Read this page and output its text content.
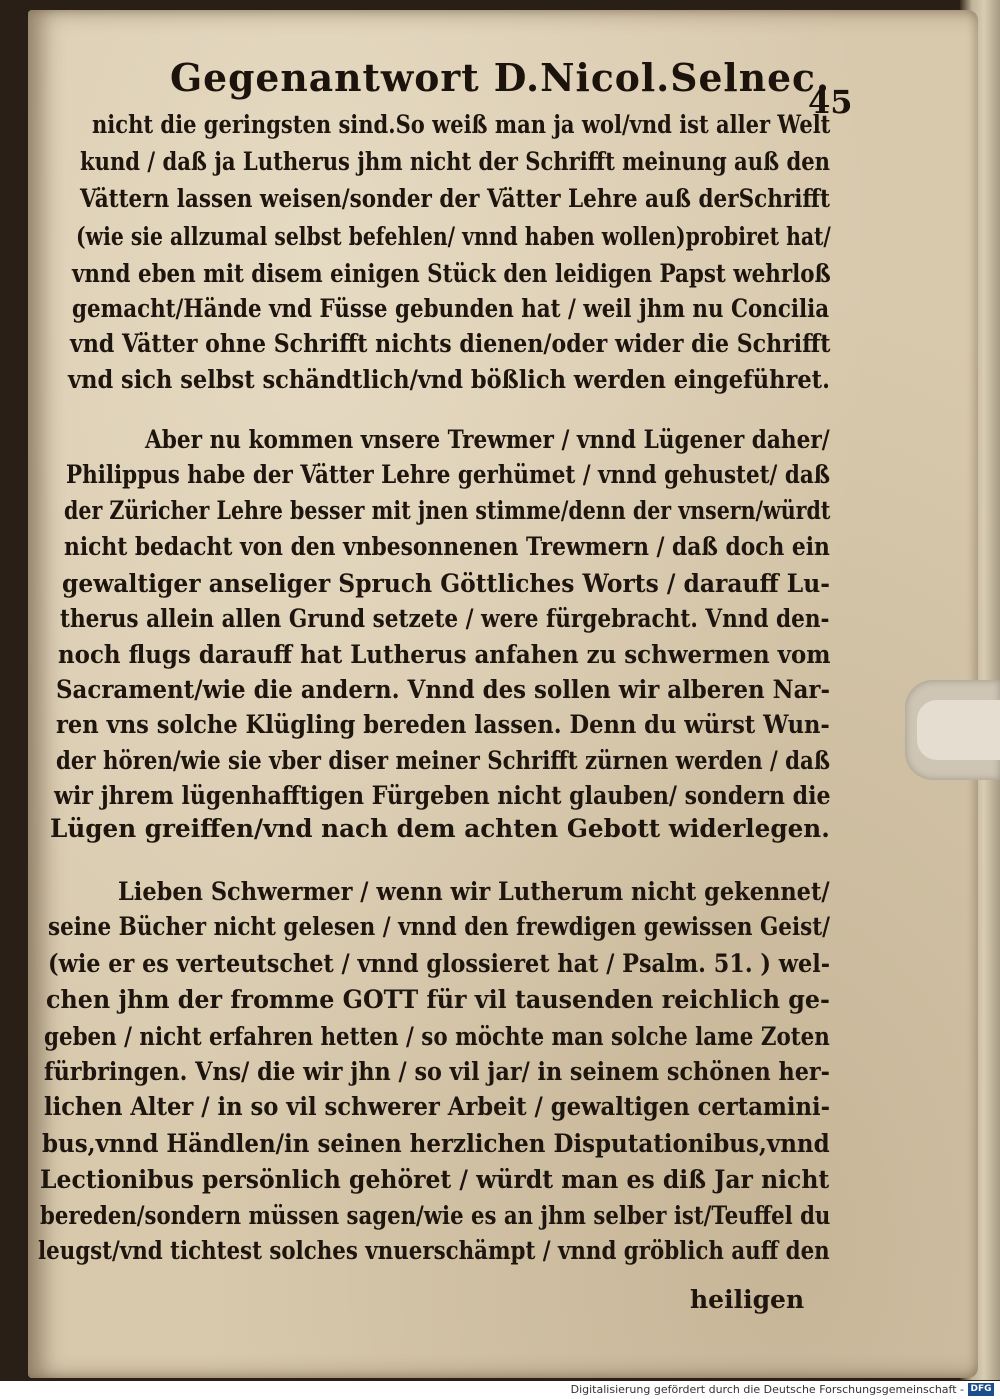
Gegenantwort D.Nicol.Selnec.
45
nicht die geringsten sind.So weiß man ja wol/vnd ist aller Welt
kund / daß ja Lutherus jhm nicht der Schrifft meinung auß den
Vättern lassen weisen/sonder der Vätter Lehre auß derSchrifft
(wie sie allzumal selbst befehlen/ vnnd haben wollen)probiret hat/
vnnd eben mit disem einigen Stück den leidigen Papst wehrloß
gemacht/Hände vnd Füsse gebunden hat / weil jhm nu Concilia
vnd Vätter ohne Schrifft nichts dienen/oder wider die Schrifft
vnd sich selbst schändtlich/vnd bößlich werden eingeführet.
Aber nu kommen vnsere Trewmer / vnnd Lügener daher/
Philippus habe der Vätter Lehre gerhümet / vnnd gehustet/ daß
der Züricher Lehre besser mit jnen stimme/denn der vnsern/würdt
nicht bedacht von den vnbesonnenen Trewmern / daß doch ein
gewaltiger anseliger Spruch Göttliches Worts / darauff Lu-
therus allein allen Grund setzete / were fürgebracht. Vnnd den-
noch flugs darauff hat Lutherus anfahen zu schwermen vom
Sacrament/wie die andern. Vnnd des sollen wir alberen Nar-
ren vns solche Klügling bereden lassen. Denn du würst Wun-
der hören/wie sie vber diser meiner Schrifft zürnen werden / daß
wir jhrem lügenhafftigen Fürgeben nicht glauben/ sondern die
Lügen greiffen/vnd nach dem achten Gebott widerlegen.
Lieben Schwermer / wenn wir Lutherum nicht gekennet/
seine Bücher nicht gelesen / vnnd den frewdigen gewissen Geist/
(wie er es verteutschet / vnnd glossieret hat / Psalm. 51. ) wel-
chen jhm der fromme GOTT für vil tausenden reichlich ge-
geben / nicht erfahren hetten / so möchte man solche lame Zoten
fürbringen. Vns/ die wir jhn / so vil jar/ in seinem schönen her-
lichen Alter / in so vil schwerer Arbeit / gewaltigen certamini-
bus,vnnd Händlen/in seinen herzlichen Disputationibus,vnnd
Lectionibus persönlich gehöret / würdt man es diß Jar nicht
bereden/sondern müssen sagen/wie es an jhm selber ist/Teuffel du
leugst/vnd tichtest solches vnuerschämpt / vnnd gröblich auff den
heiligen
Digitalisierung gefördert durch die Deutsche Forschungsgemeinschaft - DFG
